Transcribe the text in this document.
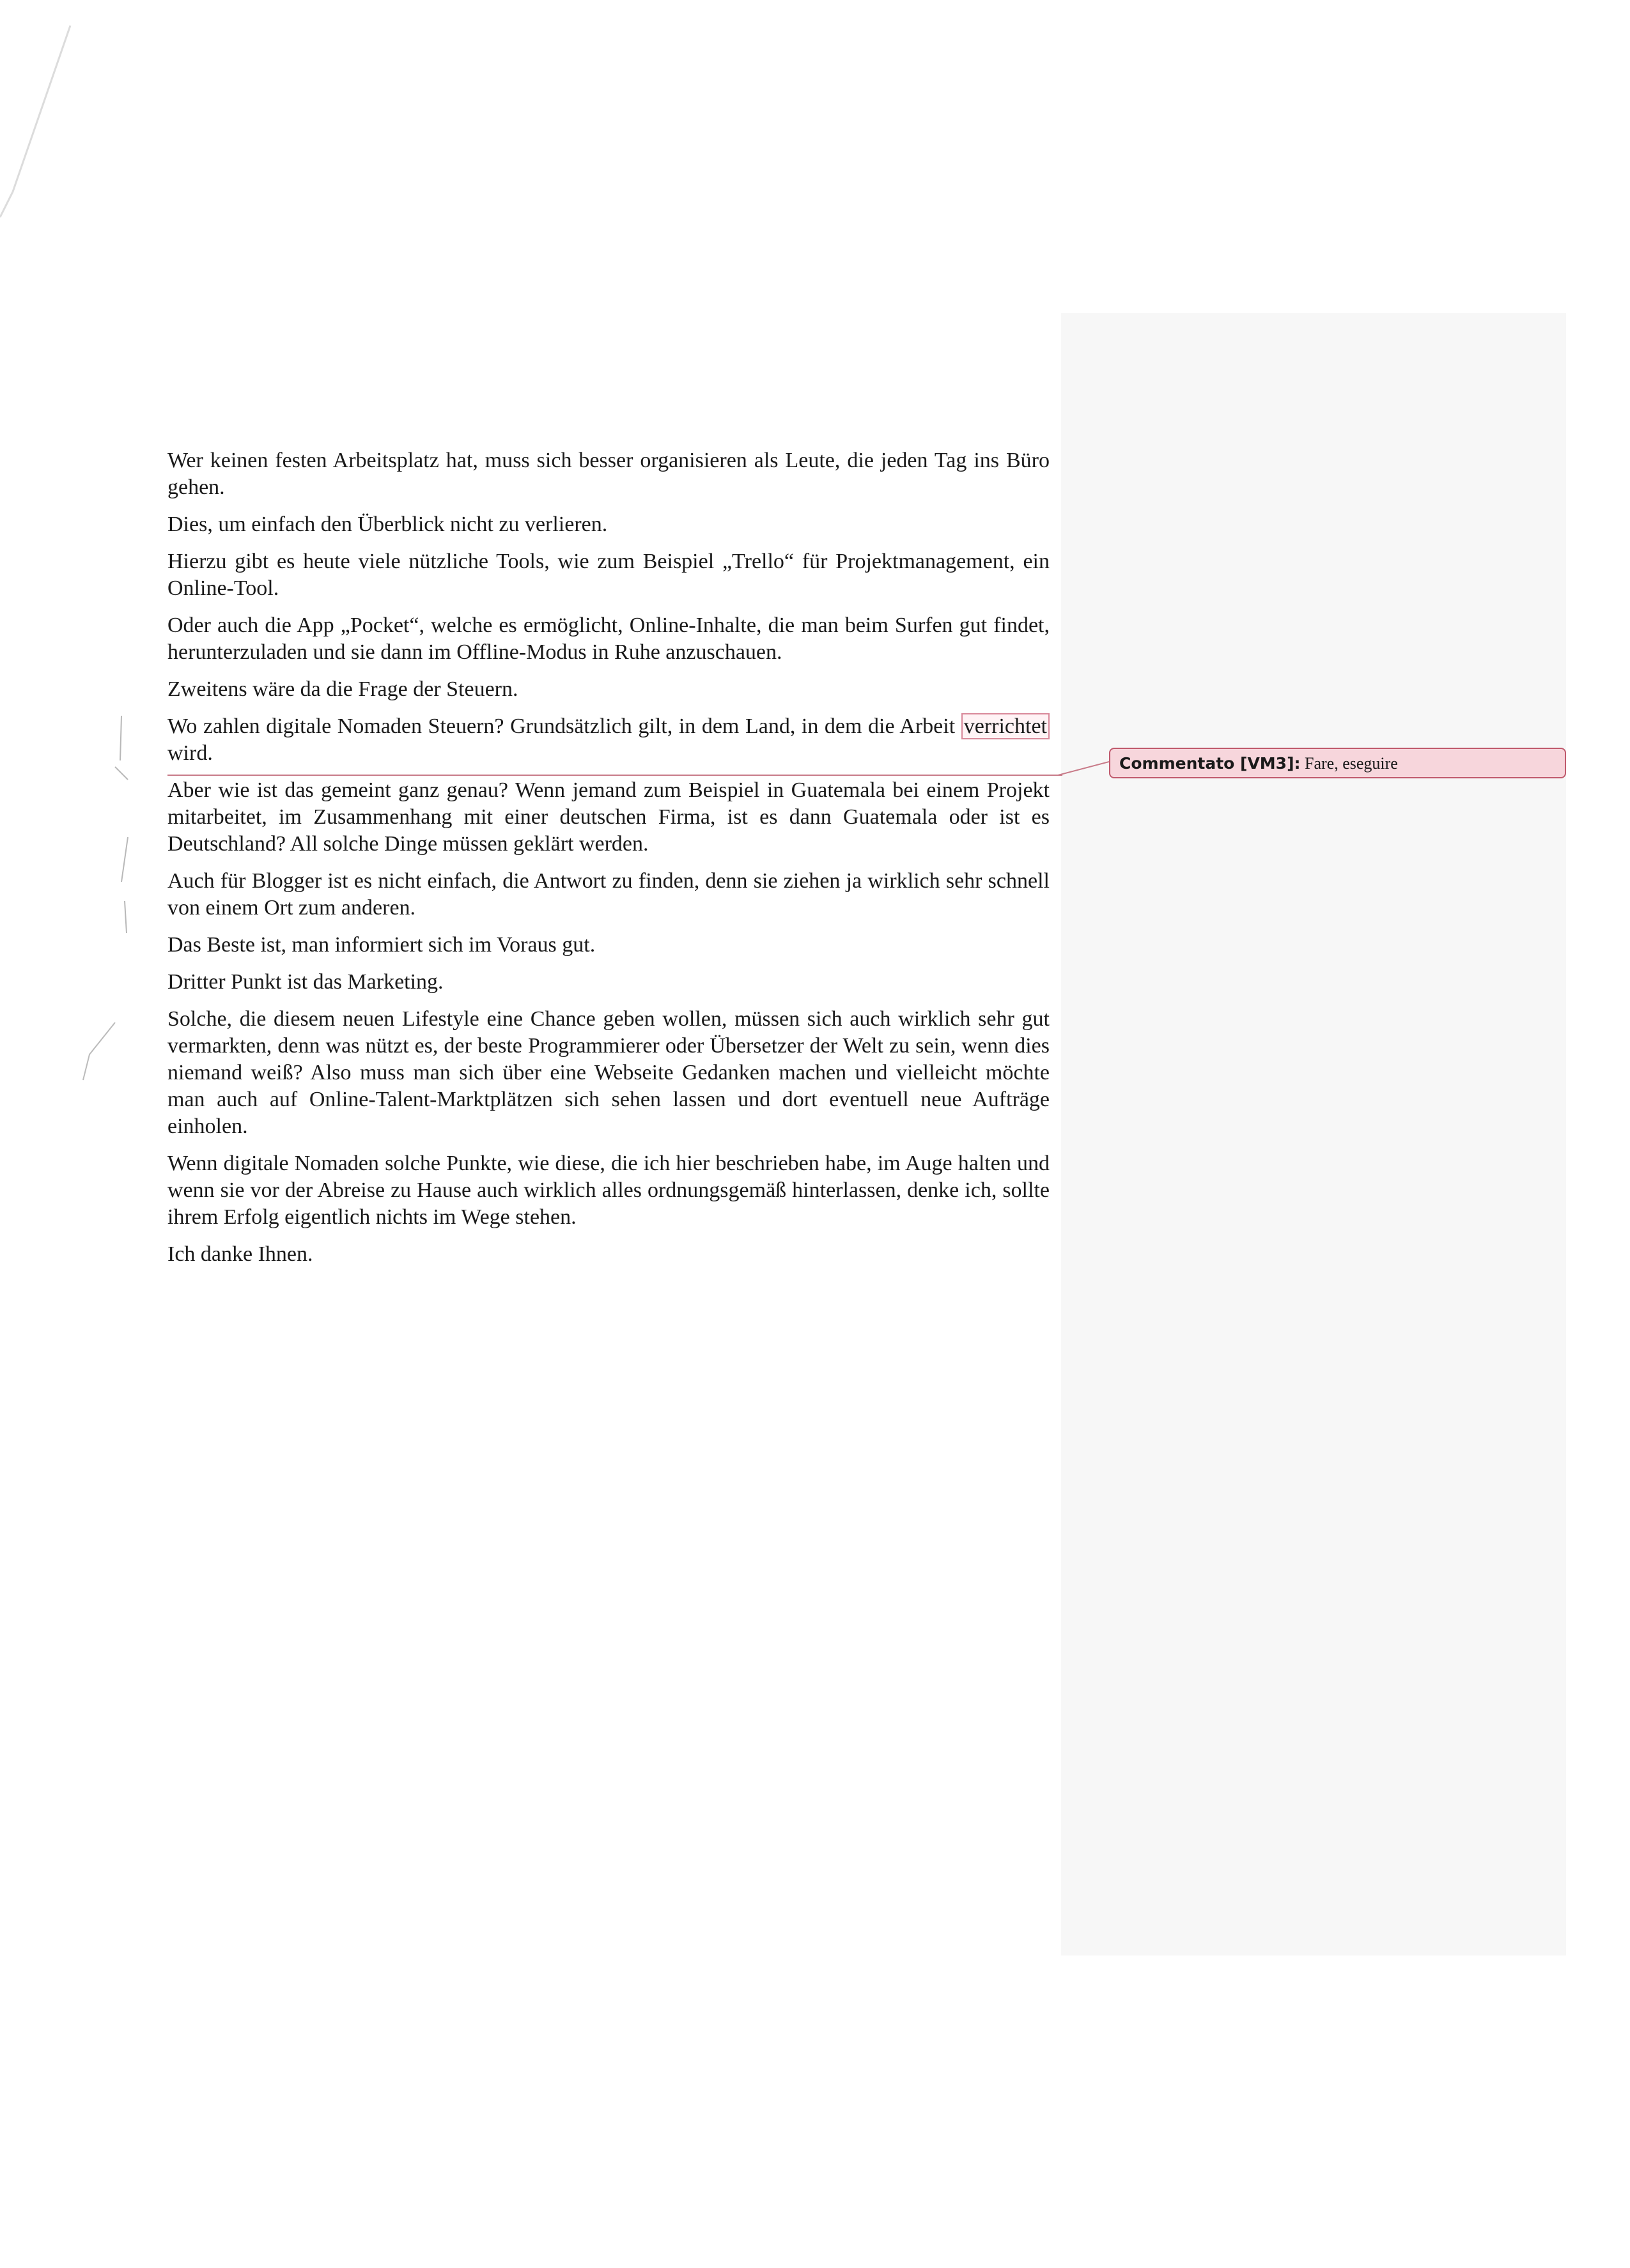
Wer keinen festen Arbeitsplatz hat, muss sich besser organisieren als Leute, die jeden Tag ins Büro gehen.

Dies, um einfach den Überblick nicht zu verlieren.

Hierzu gibt es heute viele nützliche Tools, wie zum Beispiel „Trello“ für Projektmanagement, ein Online-Tool.

Oder auch die App „Pocket“, welche es ermöglicht, Online-Inhalte, die man beim Surfen gut findet, herunterzuladen und sie dann im Offline-Modus in Ruhe anzuschauen.

Zweitens wäre da die Frage der Steuern.

Wo zahlen digitale Nomaden Steuern? Grundsätzlich gilt, in dem Land, in dem die Arbeit verrichtet wird.

Aber wie ist das gemeint ganz genau? Wenn jemand zum Beispiel in Guatemala bei einem Projekt mitarbeitet, im Zusammenhang mit einer deutschen Firma, ist es dann Guatemala oder ist es Deutschland? All solche Dinge müssen geklärt werden.

Auch für Blogger ist es nicht einfach, die Antwort zu finden, denn sie ziehen ja wirklich sehr schnell von einem Ort zum anderen.

Das Beste ist, man informiert sich im Voraus gut.

Dritter Punkt ist das Marketing.

Solche, die diesem neuen Lifestyle eine Chance geben wollen, müssen sich auch wirklich sehr gut vermarkten, denn was nützt es, der beste Programmierer oder Übersetzer der Welt zu sein, wenn dies niemand weiß? Also muss man sich über eine Webseite Gedanken machen und vielleicht möchte man auch auf Online-Talent-Marktplätzen sich sehen lassen und dort eventuell neue Aufträge einholen.

Wenn digitale Nomaden solche Punkte, wie diese, die ich hier beschrieben habe, im Auge halten und wenn sie vor der Abreise zu Hause auch wirklich alles ordnungsgemäß hinterlassen, denke ich, sollte ihrem Erfolg eigentlich nichts im Wege stehen.

Ich danke Ihnen.

Commentato [VM3]: Fare, eseguire
